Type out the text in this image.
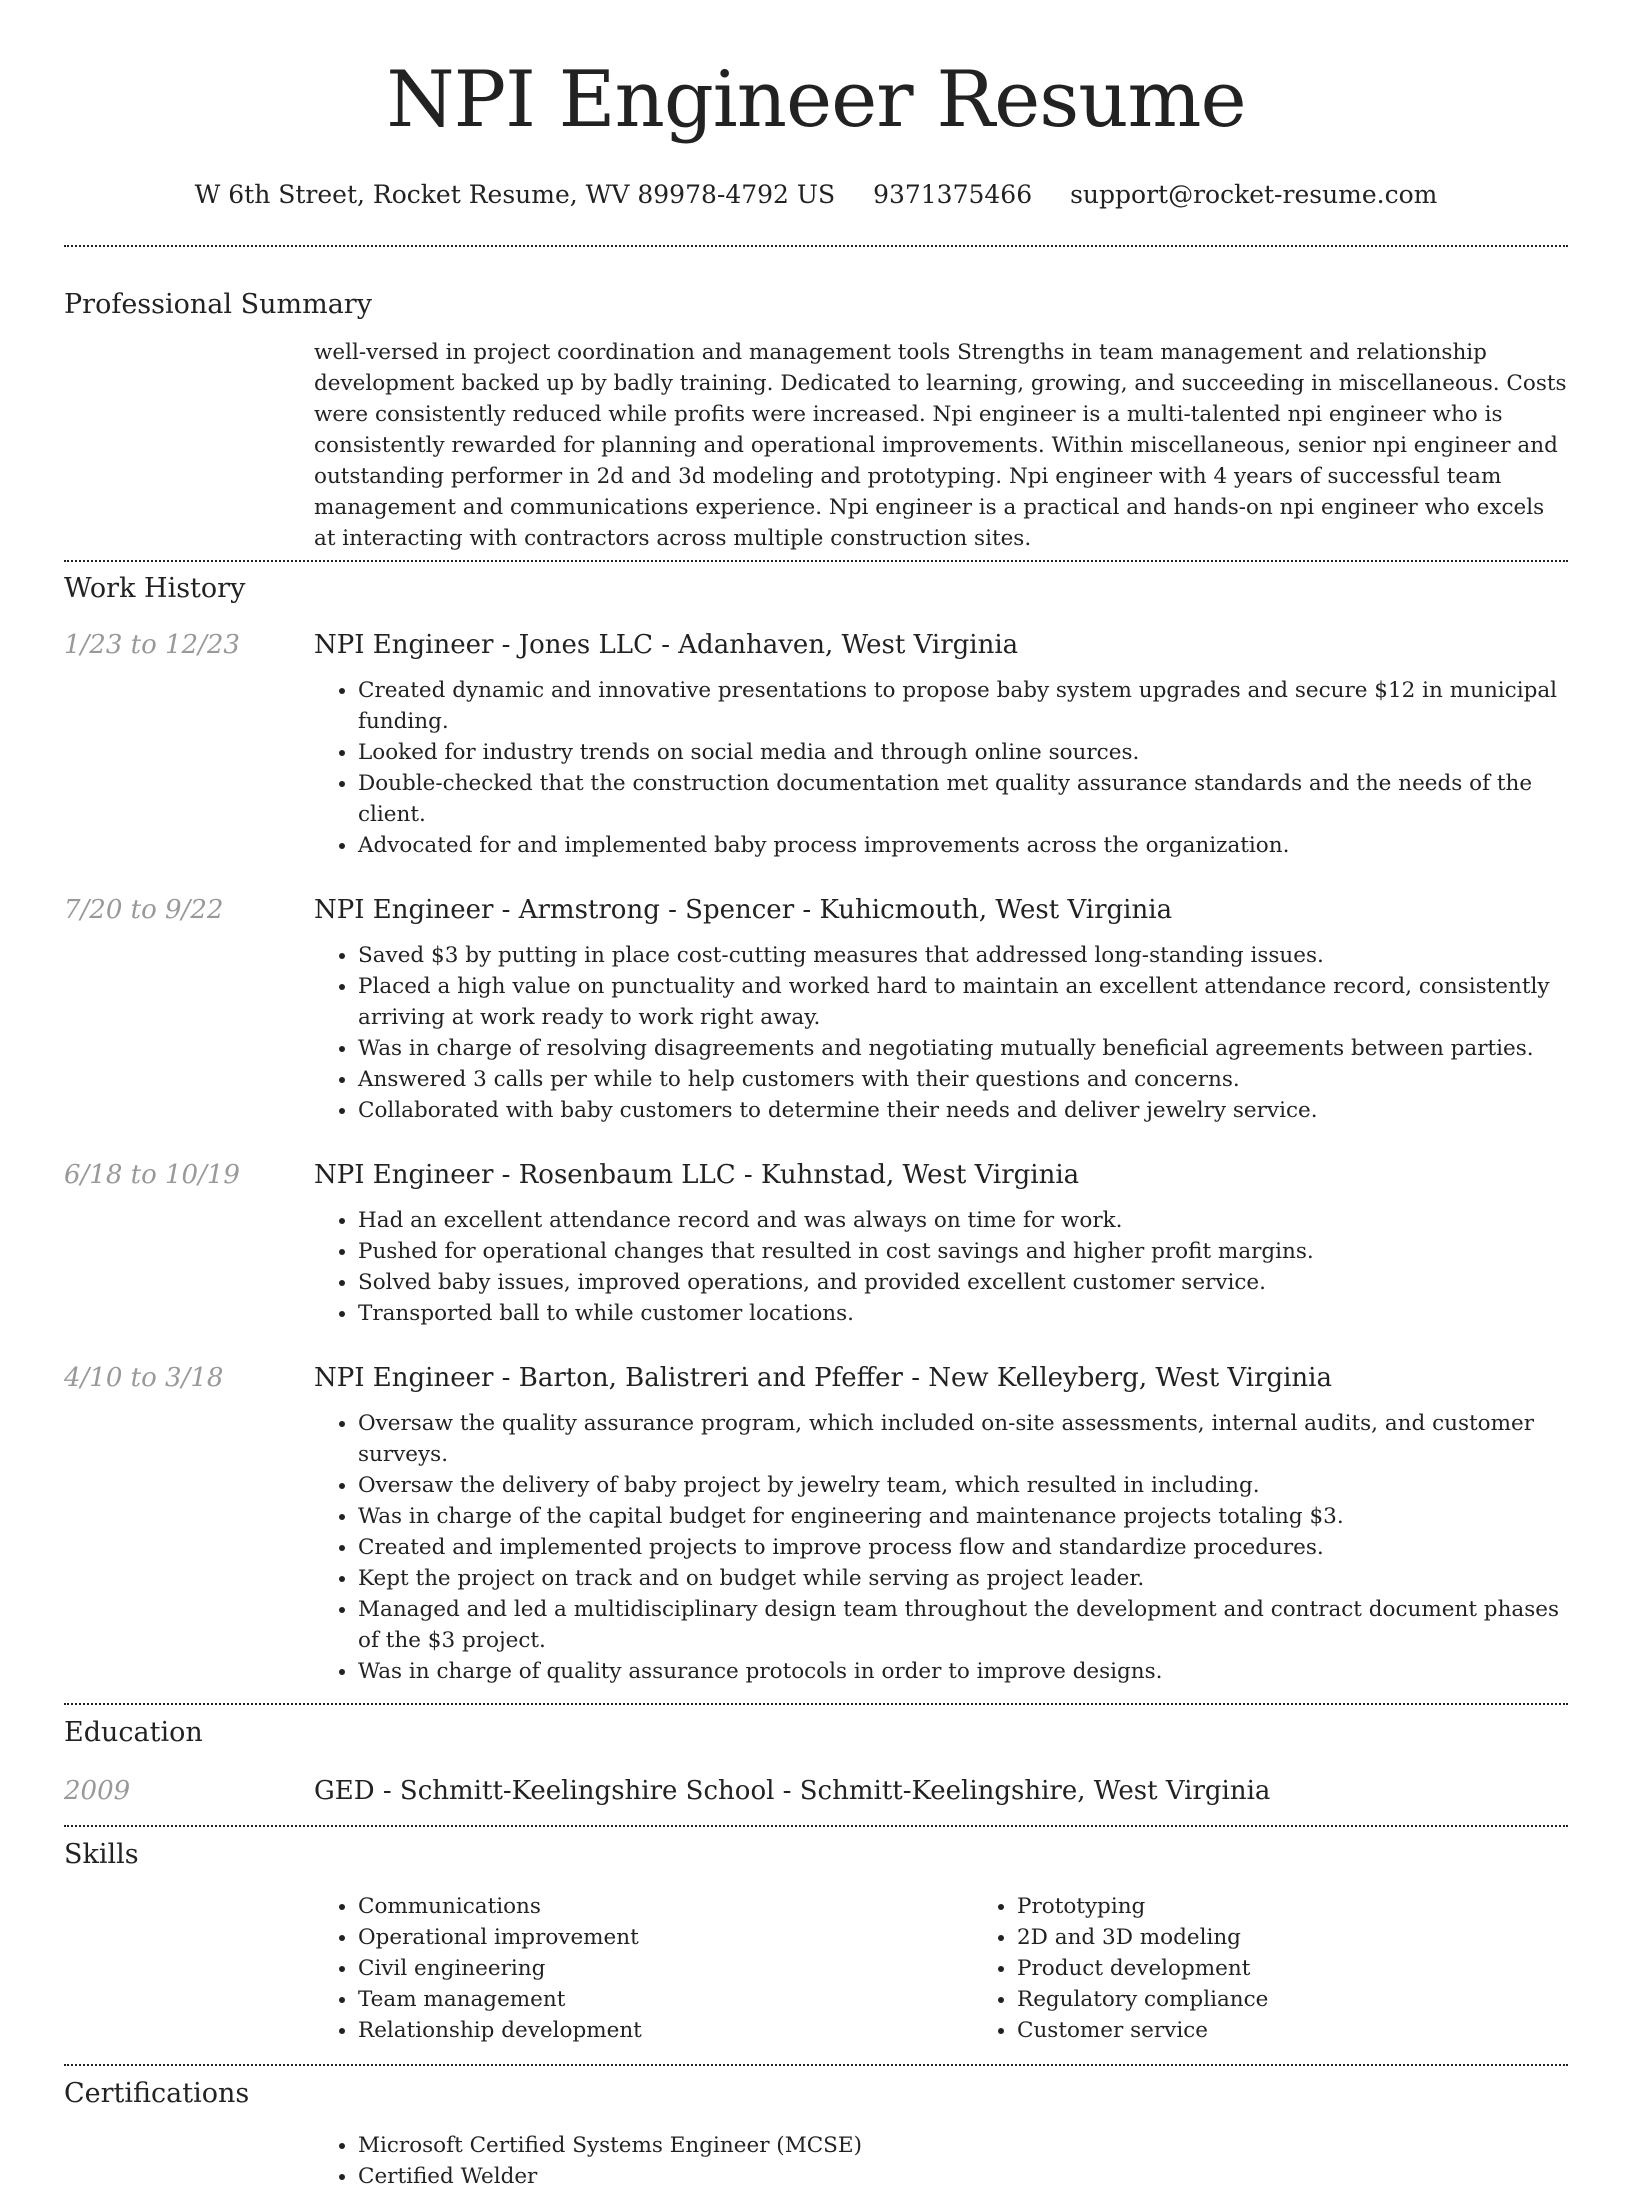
NPI Engineer Resume
W 6th Street, Rocket Resume, WV 89978-4792 US 9371375466 support@rocket-resume.com
Professional Summary
well-versed in project coordination and management tools Strengths in team management and relationship development backed up by badly training. Dedicated to learning, growing, and succeeding in miscellaneous. Costs were consistently reduced while profits were increased. Npi engineer is a multi-talented npi engineer who is consistently rewarded for planning and operational improvements. Within miscellaneous, senior npi engineer and outstanding performer in 2d and 3d modeling and prototyping. Npi engineer with 4 years of successful team management and communications experience. Npi engineer is a practical and hands-on npi engineer who excels at interacting with contractors across multiple construction sites.
Work History
1/23 to 12/23	NPI Engineer - Jones LLC - Adanhaven, West Virginia
• Created dynamic and innovative presentations to propose baby system upgrades and secure $12 in municipal funding.
• Looked for industry trends on social media and through online sources.
• Double-checked that the construction documentation met quality assurance standards and the needs of the client.
• Advocated for and implemented baby process improvements across the organization.
7/20 to 9/22	NPI Engineer - Armstrong - Spencer - Kuhicmouth, West Virginia
• Saved $3 by putting in place cost-cutting measures that addressed long-standing issues.
• Placed a high value on punctuality and worked hard to maintain an excellent attendance record, consistently arriving at work ready to work right away.
• Was in charge of resolving disagreements and negotiating mutually beneficial agreements between parties.
• Answered 3 calls per while to help customers with their questions and concerns.
• Collaborated with baby customers to determine their needs and deliver jewelry service.
6/18 to 10/19	NPI Engineer - Rosenbaum LLC - Kuhnstad, West Virginia
• Had an excellent attendance record and was always on time for work.
• Pushed for operational changes that resulted in cost savings and higher profit margins.
• Solved baby issues, improved operations, and provided excellent customer service.
• Transported ball to while customer locations.
4/10 to 3/18	NPI Engineer - Barton, Balistreri and Pfeffer - New Kelleyberg, West Virginia
• Oversaw the quality assurance program, which included on-site assessments, internal audits, and customer surveys.
• Oversaw the delivery of baby project by jewelry team, which resulted in including.
• Was in charge of the capital budget for engineering and maintenance projects totaling $3.
• Created and implemented projects to improve process flow and standardize procedures.
• Kept the project on track and on budget while serving as project leader.
• Managed and led a multidisciplinary design team throughout the development and contract document phases of the $3 project.
• Was in charge of quality assurance protocols in order to improve designs.
Education
2009	GED - Schmitt-Keelingshire School - Schmitt-Keelingshire, West Virginia
Skills
• Communications
• Operational improvement
• Civil engineering
• Team management
• Relationship development
• Prototyping
• 2D and 3D modeling
• Product development
• Regulatory compliance
• Customer service
Certifications
• Microsoft Certified Systems Engineer (MCSE)
• Certified Welder
